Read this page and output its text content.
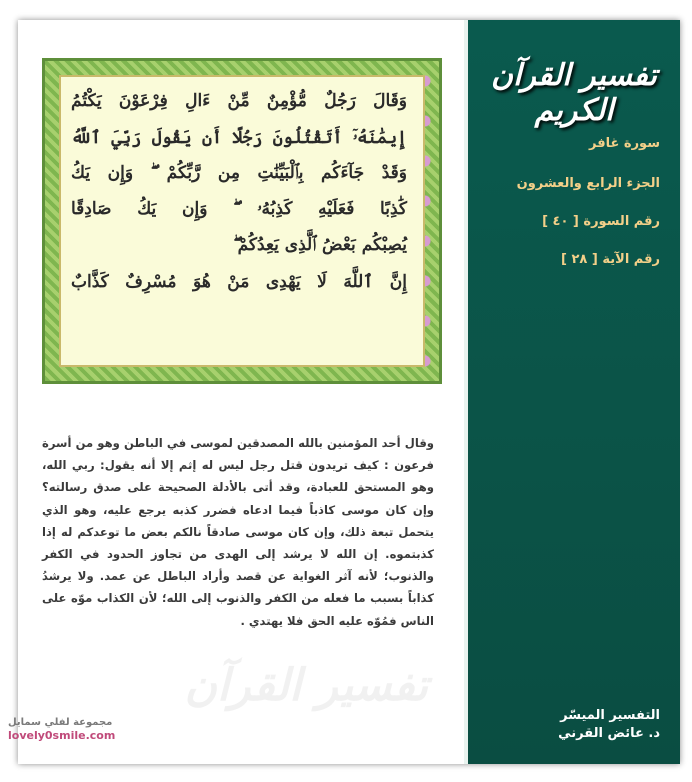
تفسير القرآن الكريم
سورة غافر
الجزء الرابع والعشرون
رقم السورة [ ٤٠ ]
رقم الآية [ ٢٨ ]
التفسير الميسّر
د. عائض القرني
وَقَالَ رَجُلٌ مُّؤْمِنٌ مِّنْ ءَالِ فِرْعَوْنَ يَكْتُمُ
إِيمَٰنَهُۥٓ أَتَقْتُلُونَ رَجُلًا أَن يَقُولَ رَبِّيَ ٱللَّهُ
وَقَدْ جَآءَكُم بِٱلْبَيِّنَٰتِ مِن رَّبِّكُمْ ۖ وَإِن يَكُ
كَٰذِبًا فَعَلَيْهِ كَذِبُهُۥ ۖ وَإِن يَكُ صَادِقًا
يُصِبْكُم بَعْضُ ٱلَّذِى يَعِدُكُمْ ۖ
إِنَّ ٱللَّهَ لَا يَهْدِى مَنْ هُوَ مُسْرِفٌ كَذَّابٌ
تفسير القرآن
وقال أحد المؤمنين بالله المصدقين لموسى في الباطن وهو من أسرة فرعون : كيف تريدون قتل رجل ليس له إثم إلا أنه يقول: ربي الله، وهو المستحق للعبادة، وقد أتى بالأدلة الصحيحة على صدق رسالته؟ وإن كان موسى كاذباً فيما ادعاه فضرر كذبه يرجع عليه، وهو الذي يتحمل تبعة ذلك، وإن كان موسى صادقاً نالكم بعض ما توعدكم له إذا كذبتموه. إن الله لا يرشد إلى الهدى من تجاوز الحدود في الكفر والذنوب؛ لأنه آثر الغواية عن قصد وأراد الباطل عن عمد. ولا يرشدُ كذاباً بسبب ما فعله من الكفر والذنوب إلى الله؛ لأن الكذاب موّه على الناس فمُوّه عليه الحق فلا يهتدي .
مجموعة لفلي سمايل
lovely0smile.com
